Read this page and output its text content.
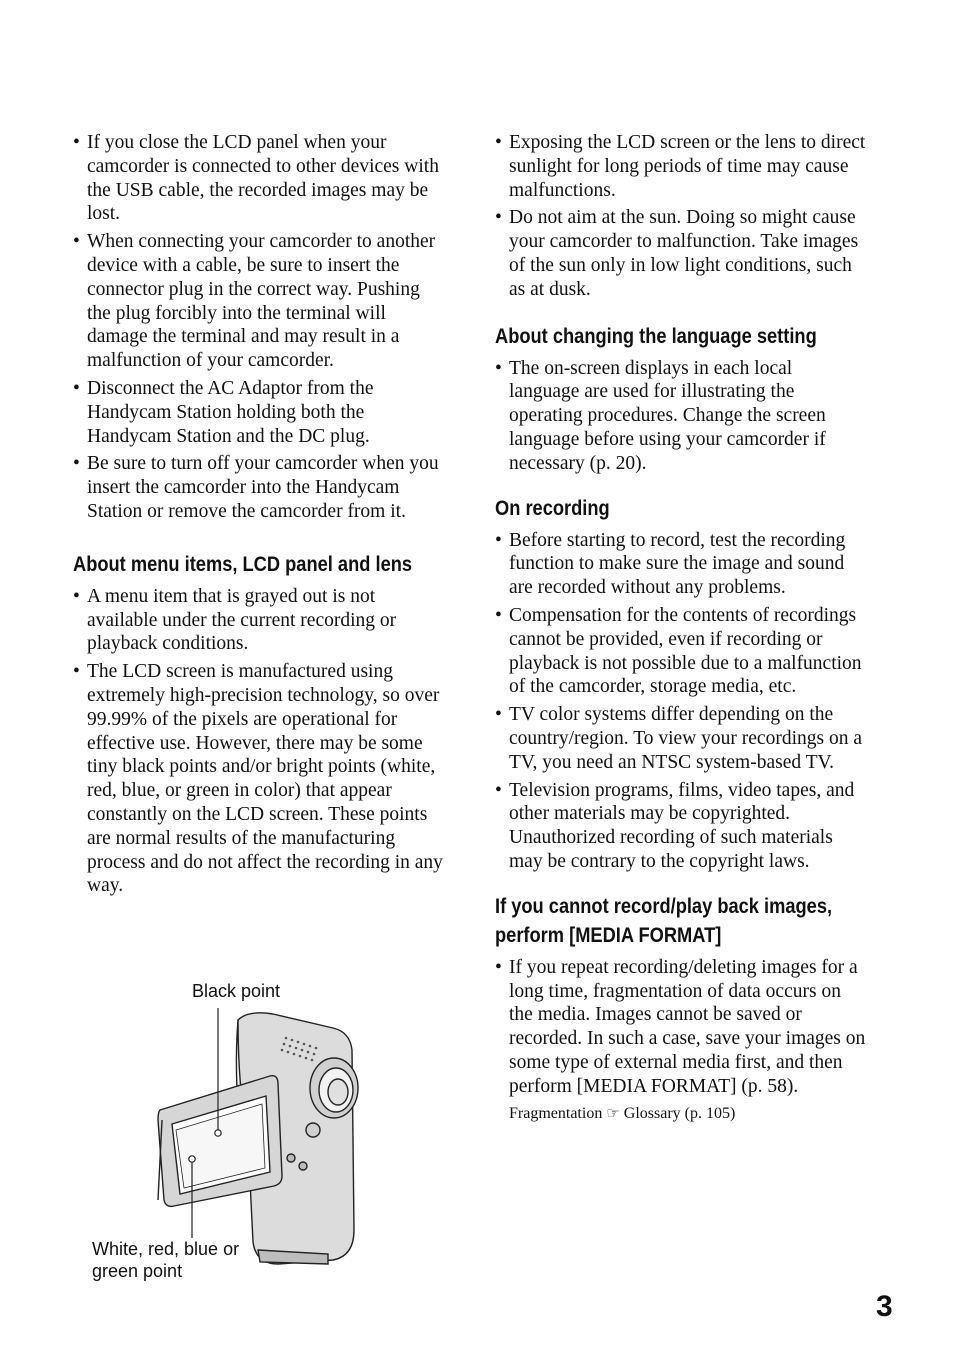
• If you close the LCD panel when your camcorder is connected to other devices with the USB cable, the recorded images may be lost.
• When connecting your camcorder to another device with a cable, be sure to insert the connector plug in the correct way. Pushing the plug forcibly into the terminal will damage the terminal and may result in a malfunction of your camcorder.
• Disconnect the AC Adaptor from the Handycam Station holding both the Handycam Station and the DC plug.
• Be sure to turn off your camcorder when you insert the camcorder into the Handycam Station or remove the camcorder from it.
About menu items, LCD panel and lens
• A menu item that is grayed out is not available under the current recording or playback conditions.
• The LCD screen is manufactured using extremely high-precision technology, so over 99.99% of the pixels are operational for effective use. However, there may be some tiny black points and/or bright points (white, red, blue, or green in color) that appear constantly on the LCD screen. These points are normal results of the manufacturing process and do not affect the recording in any way.
Black point
White, red, blue or green point
• Exposing the LCD screen or the lens to direct sunlight for long periods of time may cause malfunctions.
• Do not aim at the sun. Doing so might cause your camcorder to malfunction. Take images of the sun only in low light conditions, such as at dusk.
About changing the language setting
• The on-screen displays in each local language are used for illustrating the operating procedures. Change the screen language before using your camcorder if necessary (p. 20).
On recording
• Before starting to record, test the recording function to make sure the image and sound are recorded without any problems.
• Compensation for the contents of recordings cannot be provided, even if recording or playback is not possible due to a malfunction of the camcorder, storage media, etc.
• TV color systems differ depending on the country/region. To view your recordings on a TV, you need an NTSC system-based TV.
• Television programs, films, video tapes, and other materials may be copyrighted. Unauthorized recording of such materials may be contrary to the copyright laws.
If you cannot record/play back images, perform [MEDIA FORMAT]
• If you repeat recording/deleting images for a long time, fragmentation of data occurs on the media. Images cannot be saved or recorded. In such a case, save your images on some type of external media first, and then perform [MEDIA FORMAT] (p. 58).
Fragmentation ☞ Glossary (p. 105)
3
